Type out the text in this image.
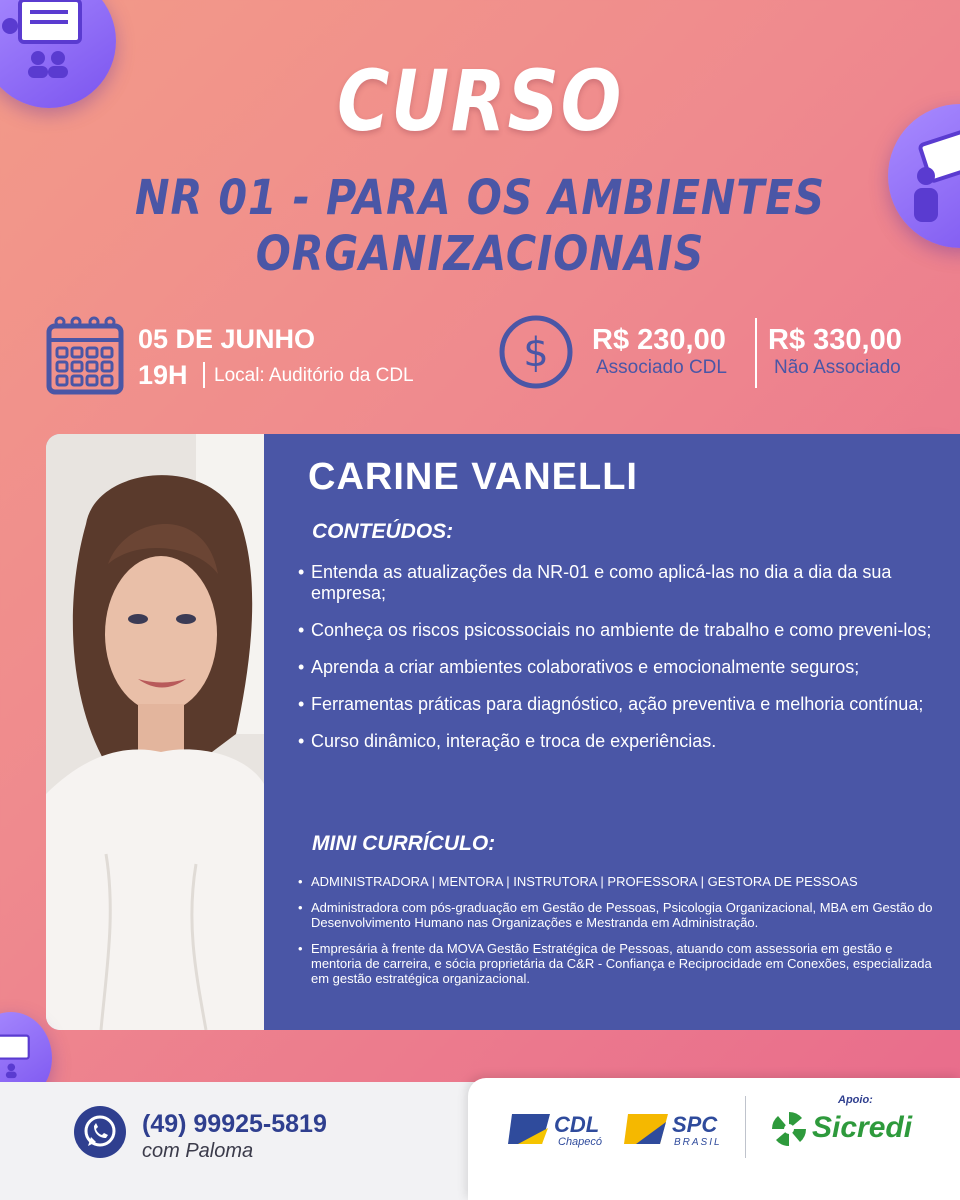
CURSO
NR 01 - PARA OS AMBIENTES
ORGANIZACIONAIS
05 DE JUNHO
19H Local: Auditório da CDL	$ R$ 230,00
Associado CDL
R$ 330,00
Não Associado
CARINE VANELLI
CONTEÚDOS:
• Entenda as atualizações da NR-01 e como aplicá-las no dia a dia da sua empresa;
• Conheça os riscos psicossociais no ambiente de trabalho e como preveni-los;
• Aprenda a criar ambientes colaborativos e emocionalmente seguros;
• Ferramentas práticas para diagnóstico, ação preventiva e melhoria contínua;
• Curso dinâmico, interação e troca de experiências.
MINI CURRÍCULO:
• ADMINISTRADORA | MENTORA | INSTRUTORA | PROFESSORA | GESTORA DE PESSOAS
• Administradora com pós-graduação em Gestão de Pessoas, Psicologia Organizacional, MBA em Gestão do Desenvolvimento Humano nas Organizações e Mestranda em Administração.
• Empresária à frente da MOVA Gestão Estratégica de Pessoas, atuando com assessoria em gestão e mentoria de carreira, e sócia proprietária da C&R - Confiança e Reciprocidade em Conexões, especializada em gestão estratégica organizacional.
(49) 99925-5819
com Paloma
CDL
Chapecó
SPC
BRASIL
Apoio:
Sicredi
